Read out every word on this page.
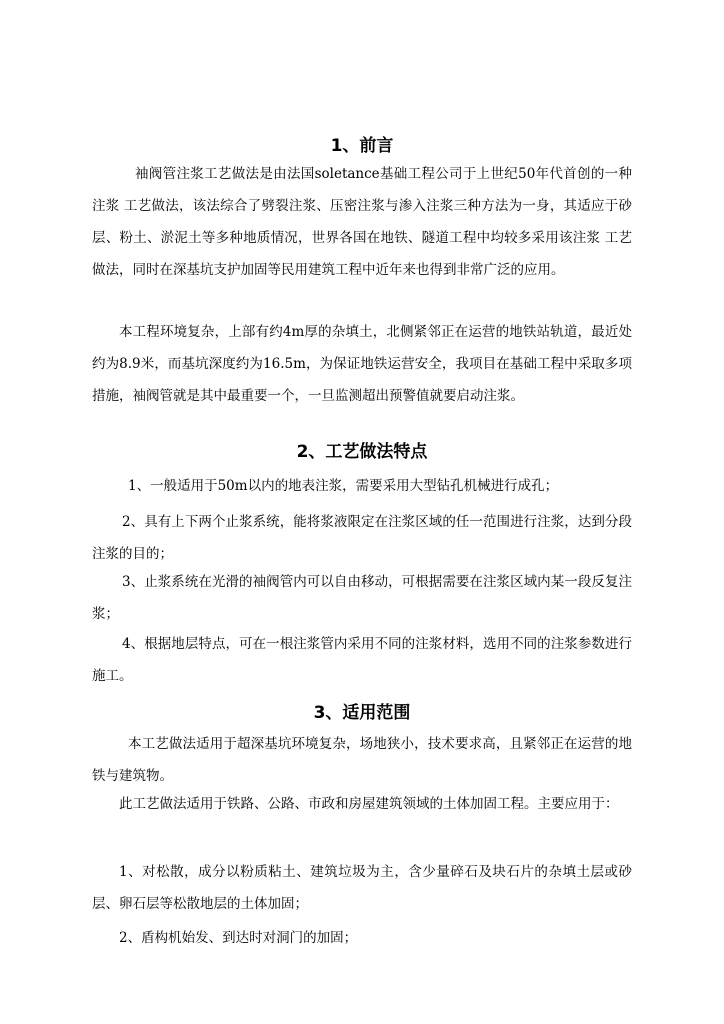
1、前言
袖阀管注浆工艺做法是由法国soletance基础工程公司于上世纪50年代首创的一种注浆 工艺做法，该法综合了劈裂注浆、压密注浆与渗入注浆三种方法为一身，其适应于砂层、粉土、淤泥土等多种地质情况，世界各国在地铁、隧道工程中均较多采用该注浆 工艺做法，同时在深基坑支护加固等民用建筑工程中近年来也得到非常广泛的应用。
本工程环境复杂，上部有约4m厚的杂填土，北侧紧邻正在运营的地铁站轨道，最近处约为8.9米，而基坑深度约为16.5m，为保证地铁运营安全，我项目在基础工程中采取多项措施，袖阀管就是其中最重要一个，一旦监测超出预警值就要启动注浆。
2、工艺做法特点
1、一般适用于50m以内的地表注浆，需要采用大型钻孔机械进行成孔；
2、具有上下两个止浆系统，能将浆液限定在注浆区域的任一范围进行注浆，达到分段注浆的目的；
3、止浆系统在光滑的袖阀管内可以自由移动，可根据需要在注浆区域内某一段反复注浆；
4、根据地层特点，可在一根注浆管内采用不同的注浆材料，选用不同的注浆参数进行施工。
3、适用范围
本工艺做法适用于超深基坑环境复杂，场地狭小，技术要求高，且紧邻正在运营的地铁与建筑物。
此工艺做法适用于铁路、公路、市政和房屋建筑领域的土体加固工程。主要应用于：
1、对松散，成分以粉质粘土、建筑垃圾为主，含少量碎石及块石片的杂填土层或砂层、卵石层等松散地层的土体加固；
2、盾构机始发、到达时对洞门的加固；
